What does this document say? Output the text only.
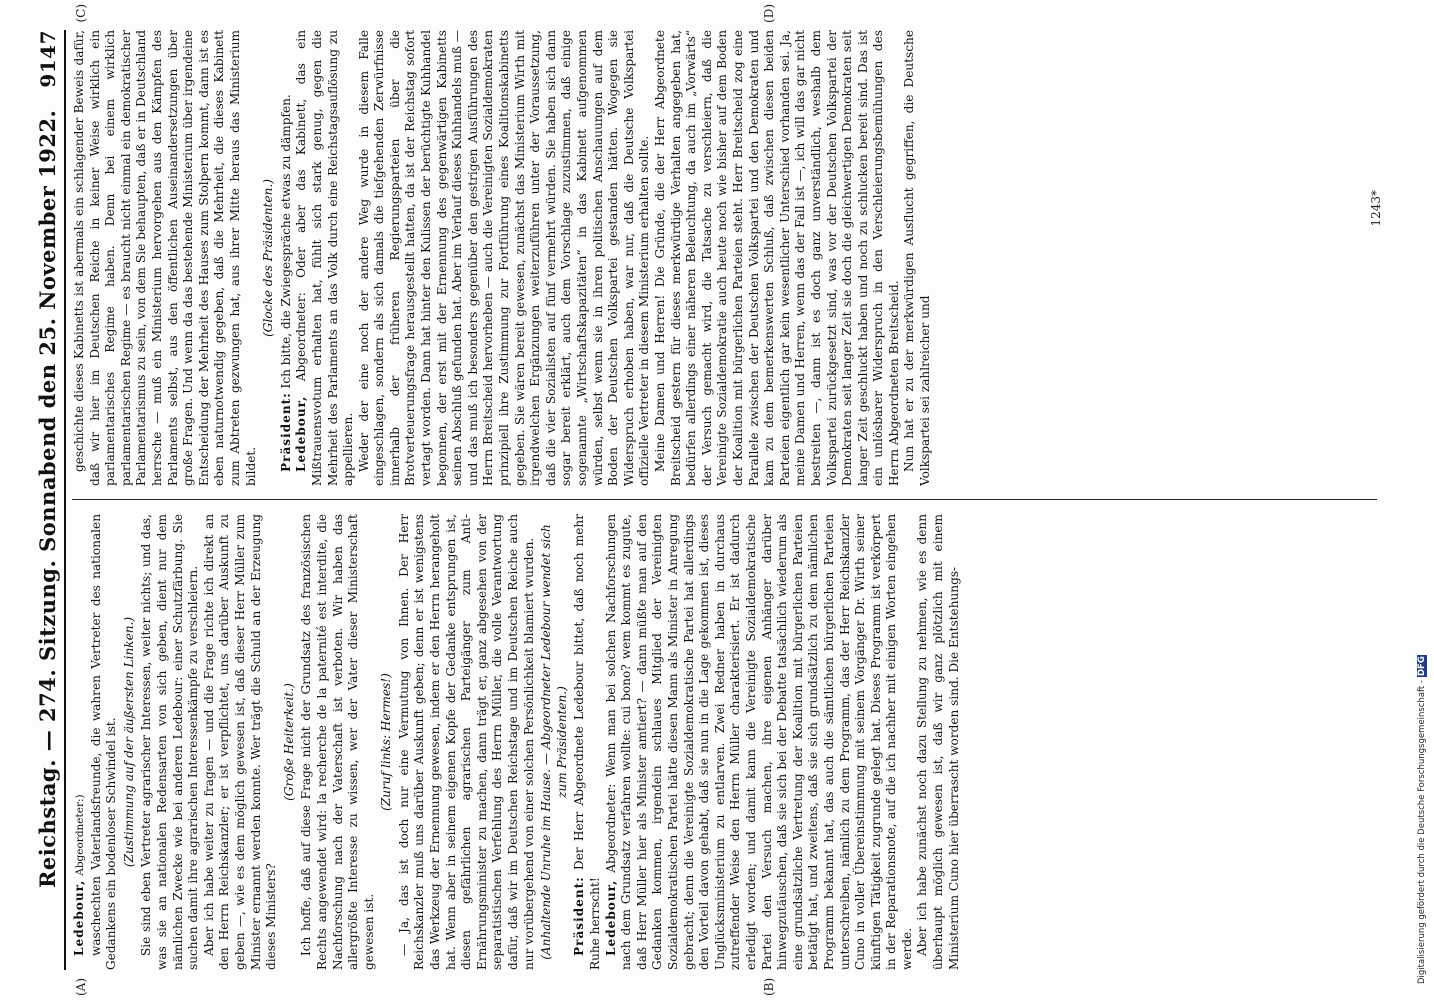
Reichstag. — 274. Sitzung. Sonnabend den 25. November 1922.
9147

Ledebour, Abgeordneter:) waschechten Vaterlandsfreunde, die wahren Vertreter des nationalen Gedankens ein bodenloser Schwindel ist. (Zustimmung auf der äußersten Linken.) Sie sind eben Vertreter agrarischer Interessen, weiter nichts; und das, was sie an nationalen Redensarten von sich geben, dient nur dem nämlichen Zwecke wie bei anderen Ledebour: einer Schutzfärbung. Sie suchen damit ihre agrarischen Interessenkämpfe zu verschleiern. Aber ich habe weiter zu fragen — und die Frage richte ich direkt an den Herrn Reichskanzler; er ist verpflichtet, uns darüber Auskunft zu geben —, wie es dem möglich gewesen ist, daß dieser Herr Müller zum Minister ernannt werden konnte. Wer trägt die Schuld an der Erzeugung dieses Ministers?

(Große Heiterkeit.) Ich hoffe, daß auf diese Frage nicht der Grundsatz des französischen Rechts angewendet wird: la recherche de la paternité est interdite, die Nachforschung nach der Vaterschaft ist verboten. Wir haben das allergrößte Interesse zu wissen, wer der Vater dieser Ministerschaft gewesen ist.

(Zuruf links: Hermes!) — Ja, das ist doch nur eine Vermutung von Ihnen. Der Herr Reichskanzler muß uns darüber Auskunft geben; denn er ist wenigstens das Werkzeug der Ernennung gewesen, indem er den Herrn herangeholt hat. Wenn aber in seinem eigenen Kopfe der Gedanke entsprungen ist, diesen gefährlichen agrarischen Parteigänger zum Anti-Ernährungsminister zu machen, dann trägt er, ganz abgesehen von der separatistischen Verfehlung des Herrn Müller, die volle Verantwortung dafür, daß wir im Deutschen Reichstage und im Deutschen Reiche auch nur vorübergehend von einer solchen Persönlichkeit blamiert wurden. (Anhaltende Unruhe im Hause. — Abgeordneter Ledebour wendet sich zum Präsidenten.)

Präsident: Der Herr Abgeordnete Ledebour bittet, daß noch mehr Ruhe herrscht! Ledebour, Abgeordneter: Wenn man bei solchen Nachforschungen nach dem Grundsatz verfahren wollte: cui bono? wem kommt es zugute, daß Herr Müller hier als Minister amtiert? — dann müßte man auf den Gedanken kommen, irgendein schlaues Mitglied der Vereinigten Sozialdemokratischen Partei hätte diesen Mann als Minister in Anregung gebracht; denn die Vereinigte Sozialdemokratische Partei hat allerdings den Vorteil davon gehabt, daß sie nun in die Lage gekommen ist, dieses Unglücksministerium zu entlarven. Zwei Redner haben in durchaus zutreffender Weise den Herrn Müller charakterisiert. Er ist dadurch erledigt worden; und damit kann die Vereinigte Sozialdemokratische Partei den Versuch machen, ihre eigenen Anhänger darüber hinwegzutäuschen, daß sie sich bei der Debatte tatsächlich wiederum als eine grundsätzliche Vertretung der Koalition mit bürgerlichen Parteien betätigt hat, und zweitens, daß sie sich grundsätzlich zu dem nämlichen Programm bekannt hat, das auch die sämtlichen bürgerlichen Parteien unterschreiben, nämlich zu dem Programm, das der Herr Reichskanzler Cuno in voller Übereinstimmung mit seinem Vorgänger Dr. Wirth seiner künftigen Tätigkeit zugrunde gelegt hat. Dieses Programm ist verkörpert in der Reparationsnote, auf die ich nachher mit einigen Worten eingehen werde. Aber ich habe zunächst noch dazu Stellung zu nehmen, wie es denn überhaupt möglich gewesen ist, daß wir ganz plötzlich mit einem Ministerium Cuno hier überrascht worden sind. Die Entstehungs-

geschichte dieses Kabinetts ist abermals ein schlagender Beweis dafür, daß wir hier im Deutschen Reiche in keiner Weise wirklich ein parlamentarisches Regime haben. Denn bei einem wirklich parlamentarischen Regime — es braucht nicht einmal ein demokratischer Parlamentarismus zu sein, von dem Sie behaupten, daß er in Deutschland herrsche — muß ein Ministerium hervorgehen aus den Kämpfen des Parlaments selbst, aus den öffentlichen Auseinandersetzungen über große Fragen. Und wenn da das bestehende Ministerium über irgendeine Entscheidung der Mehrheit des Hauses zum Stolpern kommt, dann ist es eben naturnotwendig gegeben, daß die Mehrheit, die dieses Kabinett zum Abtreten gezwungen hat, aus ihrer Mitte heraus das Ministerium bildet.

(Glocke des Präsidenten.)

Präsident: Ich bitte, die Zwiegespräche etwas zu dämpfen.

Ledebour, Abgeordneter: Oder aber das Kabinett, das ein Mißtrauensvotum erhalten hat, fühlt sich stark genug, gegen die Mehrheit des Parlaments an das Volk durch eine Reichstagsauflösung zu appellieren. Weder der eine noch der andere Weg wurde in diesem Falle eingeschlagen, sondern als sich damals die tiefgehenden Zerwürfnisse innerhalb der früheren Regierungsparteien über die Brotverteuerungsfrage herausgestellt hatten, da ist der Reichstag sofort vertagt worden. Dann hat hinter den Kulissen der berüchtigte Kuhhandel begonnen, der erst mit der Ernennung des gegenwärtigen Kabinetts seinen Abschluß gefunden hat. Aber im Verlauf dieses Kuhhandels muß — und das muß ich besonders gegenüber den gestrigen Ausführungen des Herrn Breitscheid hervorheben — auch die Vereinigten Sozialdemokraten prinzipiell ihre Zustimmung zur Fortführung eines Koalitionskabinetts gegeben. Sie wären bereit gewesen, zunächst das Ministerium Wirth mit irgendwelchen Ergänzungen weiterzuführen unter der Voraussetzung, daß die vier Sozialisten auf fünf vermehrt würden. Sie haben sich dann sogar bereit erklärt, auch dem Vorschlage zuzustimmen, daß einige sogenannte „Wirtschaftskapazitäten“ in das Kabinett aufgenommen würden, selbst wenn sie in ihren politischen Anschauungen auf dem Boden der Deutschen Volkspartei gestanden hätten. Wogegen sie Widerspruch erhoben haben, war nur, daß die Deutsche Volkspartei offizielle Vertreter in diesem Ministerium erhalten sollte. Meine Damen und Herren! Die Gründe, die der Herr Abgeordnete Breitscheid gestern für dieses merkwürdige Verhalten angegeben hat, bedürfen allerdings einer näheren Beleuchtung, da auch im „Vorwärts“ der Versuch gemacht wird, die Tatsache zu verschleiern, daß die Vereinigte Sozialdemokratie auch heute noch wie bisher auf dem Boden der Koalition mit bürgerlichen Parteien steht. Herr Breitscheid zog eine Parallele zwischen der Deutschen Volkspartei und den Demokraten und kam zu dem bemerkenswerten Schluß, daß zwischen diesen beiden Parteien eigentlich gar kein wesentlicher Unterschied vorhanden sei. Ja, meine Damen und Herren, wenn das der Fall ist —, ich will das gar nicht bestreiten —, dann ist es doch ganz unverständlich, weshalb dem Volkspartei zurückgesetzt sind, was vor der Deutschen Volkspartei der Demokraten seit langer Zeit sie doch die gleichwertigen Demokraten seit langer Zeit geschluckt haben und noch zu schlucken bereit sind. Das ist ein unlösbarer Widerspruch in den Verschleierungsbemühungen des Herrn Abgeordneten Breitscheid. Nun hat er zu der merkwürdigen Ausflucht gegriffen, die Deutsche Volkspartei sei zahlreicher und

(A)	(B)
(C)	(D)
1243*
Digitalisierung gefördert durch die Deutsche Forschungsgemeinschaft - DFG
